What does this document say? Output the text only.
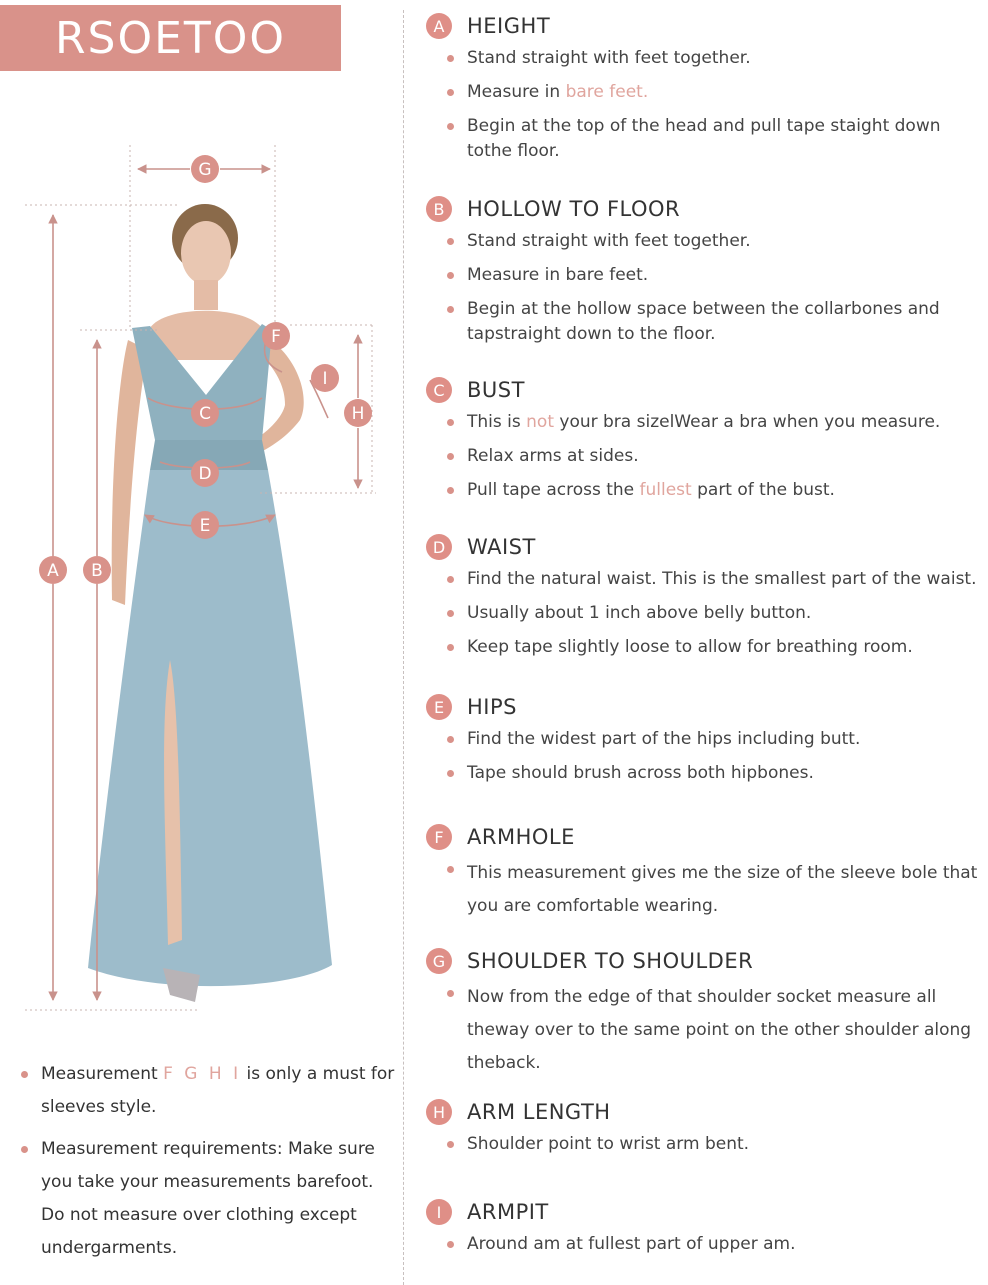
RSOETOO
G
F
I
H
C
D
E
A B
Measurement F G H I is only a must for sleeves style.
Measurement requirements: Make sure you take your measurements barefoot. Do not measure over clothing except undergarments.
A	HEIGHT
Stand straight with feet together.
Measure in bare feet.
Begin at the top of the head and pull tape staight down tothe floor.
B	HOLLOW TO FLOOR
Stand straight with feet together.
Measure in bare feet.
Begin at the hollow space between the collarbones and tapstraight down to the floor.
C	BUST
This is not your bra sizelWear a bra when you measure.
Relax arms at sides.
Pull tape across the fullest part of the bust.
D	WAIST
Find the natural waist. This is the smallest part of the waist.
Usually about 1 inch above belly button.
Keep tape slightly loose to allow for breathing room.
E	HIPS
Find the widest part of the hips including butt.
Tape should brush across both hipbones.
F	ARMHOLE
This measurement gives me the size of the sleeve bole that you are comfortable wearing.
G	SHOULDER TO SHOULDER
Now from the edge of that shoulder socket measure all theway over to the same point on the other shoulder along theback.
H	ARM LENGTH
Shoulder point to wrist arm bent.
I	ARMPIT
Around am at fullest part of upper am.
